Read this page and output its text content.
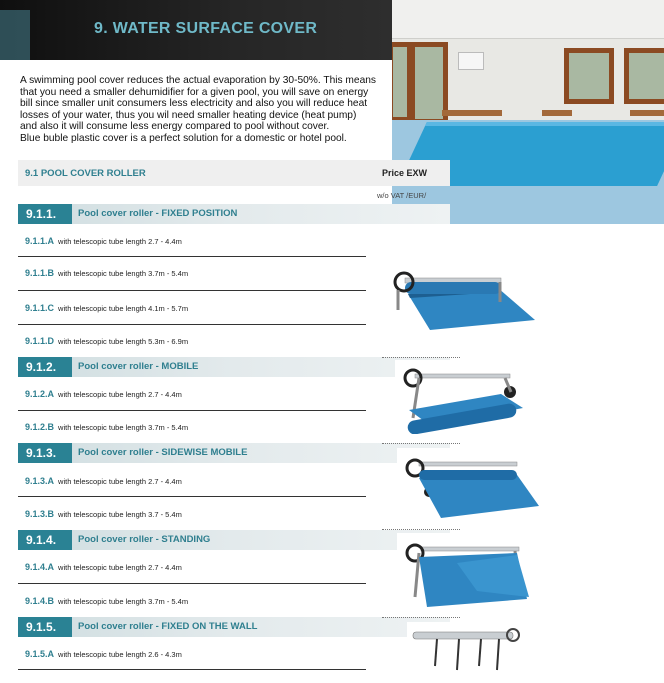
9. WATER SURFACE COVER
A swimming pool cover reduces the actual evaporation by 30-50%. This means that you need a smaller dehumidifier for a given pool, you will save on energy bill since smaller unit consumers less electricity and also you will reduce heat losses of your water, thus you wil need smaller heating device (heat pump) and also it will consume less energy compared to pool without cover.
Blue buble plastic cover is a perfect solution for a domestic or hotel pool.
9.1 POOL COVER ROLLER	Price EXW
w/o VAT /EUR/
9.1.1.	Pool cover roller - FIXED POSITION
9.1.1.A with telescopic tube length 2.7 - 4.4m
9.1.1.B with telescopic tube length 3.7m - 5.4m
9.1.1.C with telescopic tube length 4.1m - 5.7m
9.1.1.D with telescopic tube length 5.3m - 6.9m
9.1.2.	Pool cover roller - MOBILE
9.1.2.A with telescopic tube length 2.7 - 4.4m
9.1.2.B with telescopic tube length 3.7m - 5.4m
9.1.3.	Pool cover roller - SIDEWISE MOBILE
9.1.3.A with telescopic tube length 2.7 - 4.4m
9.1.3.B with telescopic tube length 3.7 - 5.4m
9.1.4.	Pool cover roller - STANDING
9.1.4.A with telescopic tube length 2.7 - 4.4m
9.1.4.B with telescopic tube length 3.7m - 5.4m
9.1.5.	Pool cover roller - FIXED ON THE WALL
9.1.5.A with telescopic tube length 2.6 - 4.3m
